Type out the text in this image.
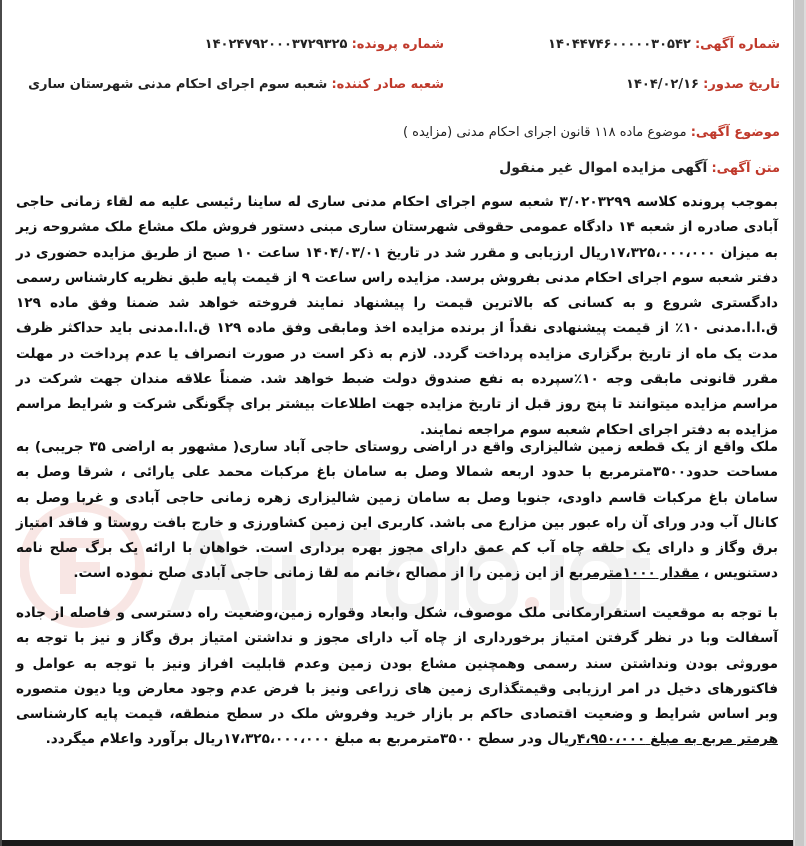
شماره آگهی: ۱۴۰۴۴۷۴۶۰۰۰۰۰۳۰۵۴۲
شماره پرونده: ۱۴۰۲۴۷۹۲۰۰۰۳۷۲۹۳۲۵
تاریخ صدور: ۱۴۰۴/۰۲/۱۶
شعبه صادر کننده: شعبه سوم اجرای احکام مدنی شهرستان ساری
موضوع آگهی: موضوع ماده ۱۱۸ قانون اجرای احکام مدنی (مزایده )
متن آگهی: آگهی مزایده اموال غیر منقول

بموجب پرونده کلاسه ۳/۰۲۰۳۲۹۹ شعبه سوم اجرای احکام مدنی ساری له ساینا رئیسی علیه مه لقاء زمانی حاجی آبادی صادره از شعبه ۱۴ دادگاه عمومی حقوقی شهرستان ساری مبنی دستور فروش ملک مشاع ملک مشروحه زیر به میزان ۱۷،۳۲۵،۰۰۰،۰۰۰ریال ارزیابی و مقرر شد در تاریخ ۱۴۰۴/۰۳/۰۱ ساعت ۱۰ صبح از طریق مزایده حضوری در دفتر شعبه سوم اجرای احکام مدنی بفروش برسد. مزایده راس ساعت ۹ از قیمت پایه طبق نظریه کارشناس رسمی دادگستری شروع و به کسانی که بالاترین قیمت را پیشنهاد نمایند فروخته خواهد شد ضمنا وفق ماده ۱۲۹ ق.ا.ا.مدنی ۱۰٪ از قیمت پیشنهادی نقداً از برنده مزایده اخذ ومابقی وفق ماده ۱۲۹ ق.ا.ا.مدنی باید حداکثر ظرف مدت یک ماه از تاریخ برگزاری مزایده پرداخت گردد. لازم به ذکر است در صورت انصراف یا عدم پرداخت در مهلت مقرر قانونی مابقی وجه ۱۰٪سپرده به نفع صندوق دولت ضبط خواهد شد. ضمناً علاقه مندان جهت شرکت در مراسم مزایده میتوانند تا پنج روز قبل از تاریخ مزایده جهت اطلاعات بیشتر برای چگونگی شرکت و شرایط مراسم مزایده به دفتر اجرای احکام شعبه سوم مراجعه نمایند.

ملک واقع از یک قطعه زمین شالیزاری واقع در اراضی روستای حاجی آباد ساری( مشهور به اراضی ۳۵ جریبی) به مساحت حدود۳۵۰۰مترمربع با حدود اربعه شمالا وصل به سامان باغ مرکبات محمد علی یارائی ، شرقا وصل به سامان باغ مرکبات قاسم داودی، جنوبا وصل به سامان زمین شالیزاری زهره زمانی حاجی آبادی و غربا وصل به کانال آب ودر ورای آن راه عبور بین مزارع می باشد. کاربری این زمین کشاورزی و خارج بافت روستا و فاقد امتیاز برق وگاز و دارای یک حلقه چاه آب کم عمق دارای مجوز بهره برداری است. خواهان با ارائه یک برگ صلح نامه دستنویس ، مقدار ۱۰۰۰مترمربع از این زمین را از مصالح ،خانم مه لقا زمانی حاجی آبادی صلح نموده است.

با توجه به موقعیت استقرارمکانی ملک موصوف، شکل وابعاد وقواره زمین،وضعیت راه دسترسی و فاصله از جاده آسفالت وبا در نظر گرفتن امتیاز برخورداری از چاه آب دارای مجوز و نداشتن امتیاز برق وگاز و نیز با توجه به موروثی بودن ونداشتن سند رسمی وهمچنین مشاع بودن زمین وعدم قابلیت افراز ونیز با توجه به عوامل و فاکتورهای دخیل در امر ارزیابی وقیمتگذاری زمین های زراعی ونیز با فرض عدم وجود معارض ویا دیون متصوره وبر اساس شرایط و وضعیت اقتصادی حاکم بر بازار خرید وفروش ملک در سطح منطقه، قیمت پایه کارشناسی هرمتر مربع به مبلغ ۴،۹۵۰،۰۰۰ریال ودر سطح ۳۵۰۰مترمربع به مبلغ ۱۷،۳۲۵،۰۰۰،۰۰۰ریال برآورد واعلام میگردد.
